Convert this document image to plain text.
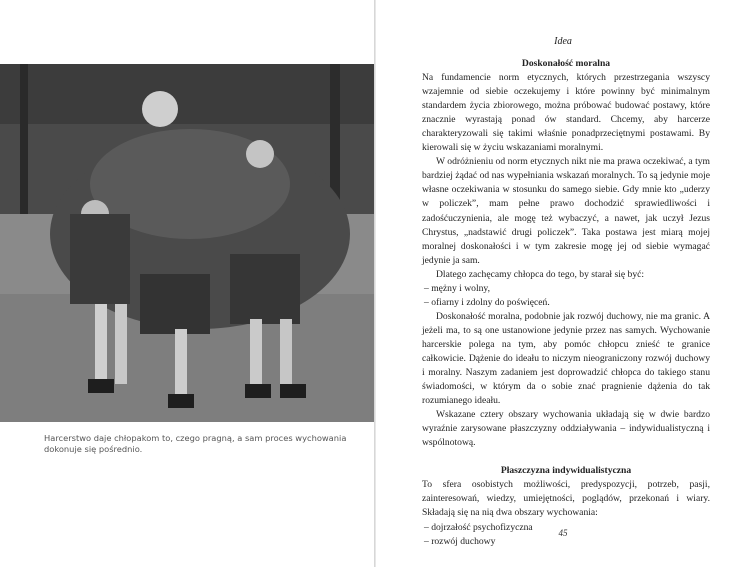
Harcerstwo daje chłopakom to, czego pragną, a sam proces wychowania dokonuje się pośrednio.
Idea

Doskonałość moralna

Na fundamencie norm etycznych, których przestrzegania wszyscy wzajemnie od siebie oczekujemy i które powinny być minimalnym standardem życia zbiorowego, można próbować budować postawy, które znacznie wyrastają ponad ów standard. Chcemy, aby harcerze charakteryzowali się takimi właśnie ponadprzeciętnymi postawami. By kierowali się w życiu wskazaniami moralnymi.

W odróżnieniu od norm etycznych nikt nie ma prawa oczekiwać, a tym bardziej żądać od nas wypełniania wskazań moralnych. To są jedynie moje własne oczekiwania w stosunku do samego siebie. Gdy mnie kto „uderzy w policzek”, mam pełne prawo dochodzić sprawiedliwości i zadośćuczynienia, ale mogę też wybaczyć, a nawet, jak uczył Jezus Chrystus, „nadstawić drugi policzek”. Taka postawa jest miarą mojej moralnej doskonałości i w tym zakresie mogę jej od siebie wymagać jedynie ja sam.

Dlatego zachęcamy chłopca do tego, by starał się być:

– mężny i wolny,

– ofiarny i zdolny do poświęceń.

Doskonałość moralna, podobnie jak rozwój duchowy, nie ma granic. A jeżeli ma, to są one ustanowione jedynie przez nas samych. Wychowanie harcerskie polega na tym, aby pomóc chłopcu znieść te granice całkowicie. Dążenie do ideału to niczym nieograniczony rozwój duchowy i moralny. Naszym zadaniem jest doprowadzić chłopca do takiego stanu świadomości, w którym da o sobie znać pragnienie dążenia do tak rozumianego ideału.

Wskazane cztery obszary wychowania układają się w dwie bardzo wyraźnie zarysowane płaszczyzny oddziaływania – indywidualistyczną i wspólnotową.

Płaszczyzna indywidualistyczna

To sfera osobistych możliwości, predyspozycji, potrzeb, pasji, zainteresowań, wiedzy, umiejętności, poglądów, przekonań i wiary. Składają się na nią dwa obszary wychowania:

– dojrzałość psychofizyczna

– rozwój duchowy

45
